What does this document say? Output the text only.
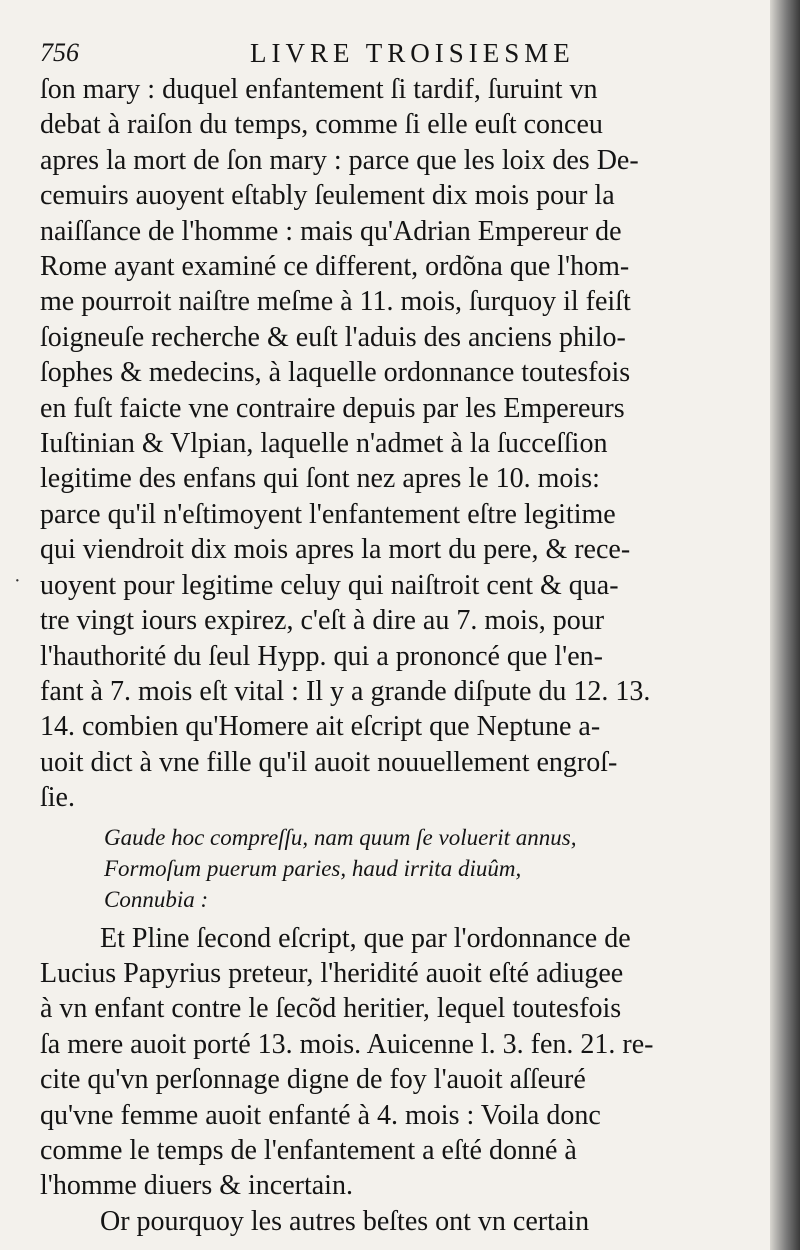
756	LIVRE TROISIESME
·
ſon mary : duquel enfantement ſi tardif, ſuruint vn
debat à raiſon du temps, comme ſi elle euſt conceu
apres la mort de ſon mary : parce que les loix des De-
cemuirs auoyent eſtably ſeulement dix mois pour la
naiſſance de l'homme : mais qu'Adrian Empereur de
Rome ayant examiné ce different, ordõna que l'hom-
me pourroit naiſtre meſme à 11. mois, ſurquoy il feiſt
ſoigneuſe recherche & euſt l'aduis des anciens philo-
ſophes & medecins, à laquelle ordonnance toutesfois
en fuſt faicte vne contraire depuis par les Empereurs
Iuſtinian & Vlpian, laquelle n'admet à la ſucceſſion
legitime des enfans qui ſont nez apres le 10. mois:
parce qu'il n'eſtimoyent l'enfantement eſtre legitime
qui viendroit dix mois apres la mort du pere, & rece-
uoyent pour legitime celuy qui naiſtroit cent & qua-
tre vingt iours expirez, c'eſt à dire au 7. mois, pour
l'hauthorité du ſeul Hypp. qui a prononcé que l'en-
fant à 7. mois eſt vital : Il y a grande diſpute du 12. 13.
14. combien qu'Homere ait eſcript que Neptune a-
uoit dict à vne fille qu'il auoit nouuellement engroſ-
ſie.
Gaude hoc compreſſu, nam quum ſe voluerit annus,
Formoſum puerum paries, haud irrita diuûm,
Connubia :
Et Pline ſecond eſcript, que par l'ordonnance de
Lucius Papyrius preteur, l'heridité auoit eſté adiugee
à vn enfant contre le ſecõd heritier, lequel toutesfois
ſa mere auoit porté 13. mois. Auicenne l. 3. fen. 21. re-
cite qu'vn perſonnage digne de foy l'auoit aſſeuré
qu'vne femme auoit enfanté à 4. mois : Voila donc
comme le temps de l'enfantement a eſté donné à
l'homme diuers & incertain.
Or pourquoy les autres beſtes ont vn certain
